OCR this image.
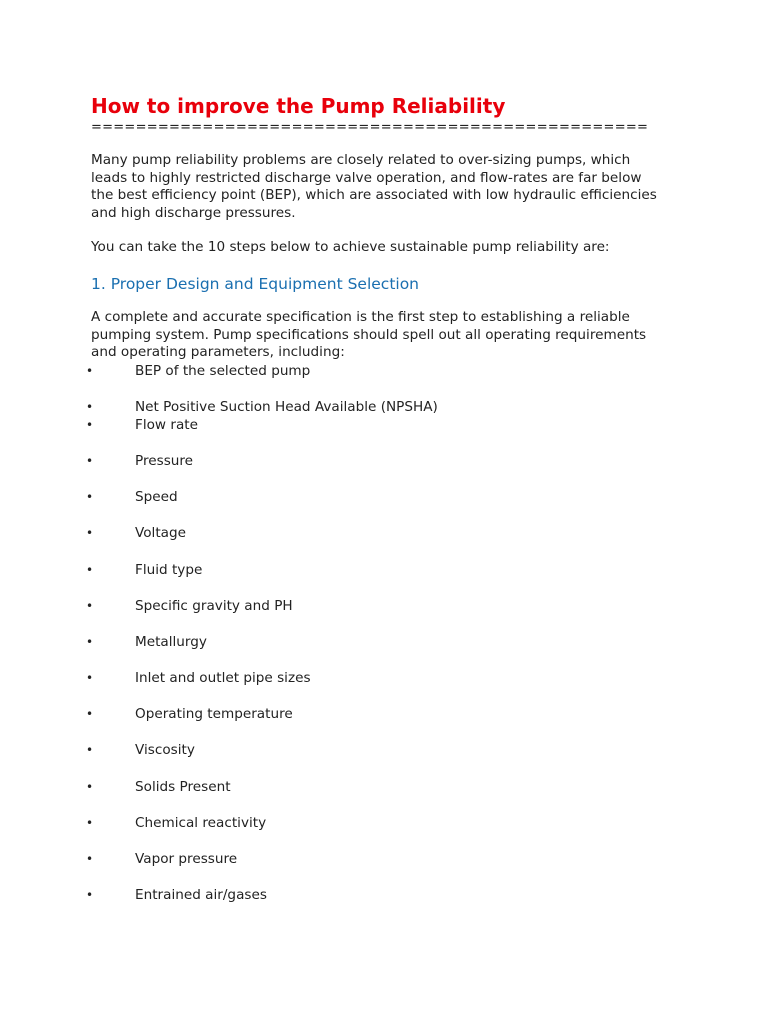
How to improve the Pump Reliability
==================================================

Many pump reliability problems are closely related to over-sizing pumps, which
leads to highly restricted discharge valve operation, and flow-rates are far below
the best efficiency point (BEP), which are associated with low hydraulic efficiencies
and high discharge pressures.

You can take the 10 steps below to achieve sustainable pump reliability are:

1. Proper Design and Equipment Selection

A complete and accurate specification is the first step to establishing a reliable
pumping system. Pump specifications should spell out all operating requirements
and operating parameters, including:

•	BEP of the selected pump
•	Net Positive Suction Head Available (NPSHA)
•	Flow rate
•	Pressure
•	Speed
•	Voltage
•	Fluid type
•	Specific gravity and PH
•	Metallurgy
•	Inlet and outlet pipe sizes
•	Operating temperature
•	Viscosity
•	Solids Present
•	Chemical reactivity
•	Vapor pressure
•	Entrained air/gases
